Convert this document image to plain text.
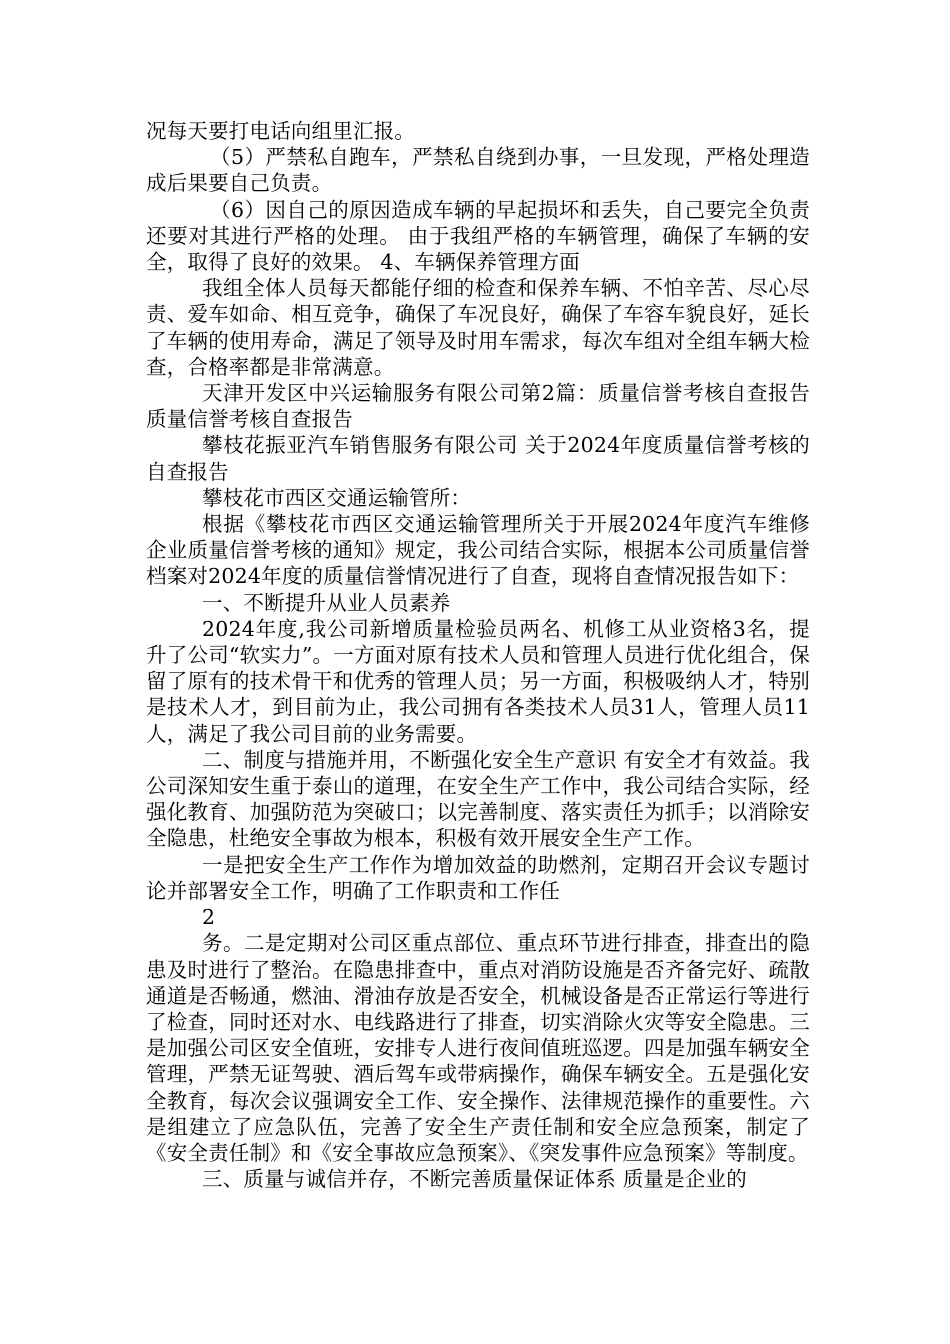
况每天要打电话向组里汇报。

（5）严禁私自跑车，严禁私自绕到办事，一旦发现，严格处理造成后果要自己负责。

（6）因自己的原因造成车辆的早起损坏和丢失，自己要完全负责还要对其进行严格的处理。 由于我组严格的车辆管理，确保了车辆的安全，取得了良好的效果。 4、车辆保养管理方面

我组全体人员每天都能仔细的检查和保养车辆、不怕辛苦、尽心尽责、爱车如命、相互竞争，确保了车况良好，确保了车容车貌良好，延长了车辆的使用寿命，满足了领导及时用车需求，每次车组对全组车辆大检查，合格率都是非常满意。

天津开发区中兴运输服务有限公司第2篇：质量信誉考核自查报告质量信誉考核自查报告

攀枝花振亚汽车销售服务有限公司 关于2024年度质量信誉考核的自查报告

攀枝花市西区交通运输管所：

根据《攀枝花市西区交通运输管理所关于开展2024年度汽车维修企业质量信誉考核的通知》规定，我公司结合实际，根据本公司质量信誉档案对2024年度的质量信誉情况进行了自查，现将自查情况报告如下：

一、不断提升从业人员素养

2024年度,我公司新增质量检验员两名、机修工从业资格3名，提升了公司“软实力”。一方面对原有技术人员和管理人员进行优化组合，保留了原有的技术骨干和优秀的管理人员；另一方面，积极吸纳人才，特别是技术人才，到目前为止，我公司拥有各类技术人员31人，管理人员11人，满足了我公司目前的业务需要。

二、制度与措施并用，不断强化安全生产意识 有安全才有效益。我公司深知安生重于泰山的道理，在安全生产工作中，我公司结合实际，经强化教育、加强防范为突破口；以完善制度、落实责任为抓手；以消除安全隐患，杜绝安全事故为根本，积极有效开展安全生产工作。

一是把安全生产工作作为增加效益的助燃剂，定期召开会议专题讨论并部署安全工作，明确了工作职责和工作任

2

务。二是定期对公司区重点部位、重点环节进行排查，排查出的隐患及时进行了整治。在隐患排查中，重点对消防设施是否齐备完好、疏散通道是否畅通，燃油、滑油存放是否安全，机械设备是否正常运行等进行了检查，同时还对水、电线路进行了排查，切实消除火灾等安全隐患。三是加强公司区安全值班，安排专人进行夜间值班巡逻。四是加强车辆安全管理，严禁无证驾驶、酒后驾车或带病操作，确保车辆安全。五是强化安全教育，每次会议强调安全工作、安全操作、法律规范操作的重要性。六是组建立了应急队伍，完善了安全生产责任制和安全应急预案，制定了《安全责任制》和《安全事故应急预案》、《突发事件应急预案》等制度。

三、质量与诚信并存，不断完善质量保证体系 质量是企业的
